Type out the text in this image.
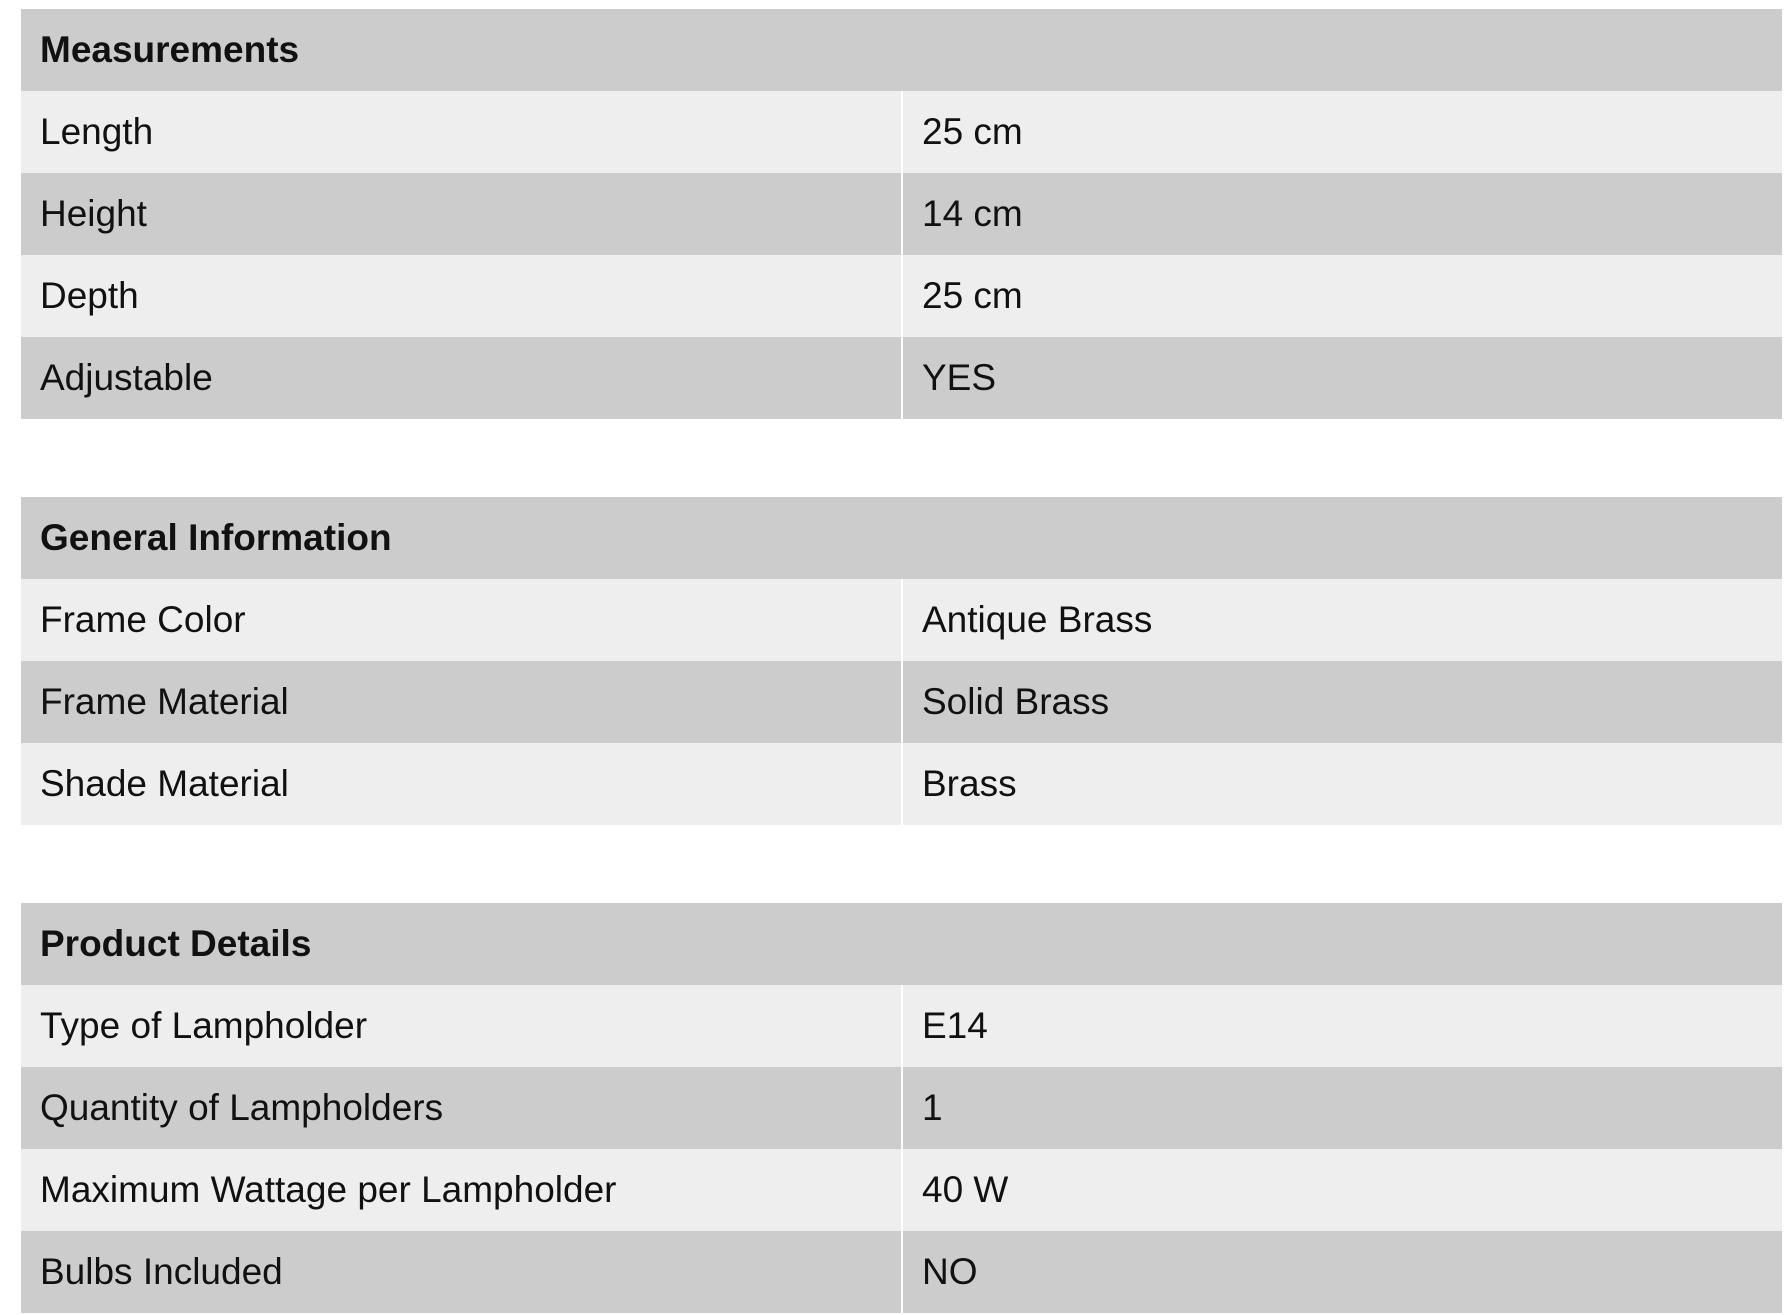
Measurements	
Length	25 cm
Height	14 cm
Depth	25 cm
Adjustable	YES
General Information	
Frame Color	Antique Brass
Frame Material	Solid Brass
Shade Material	Brass
Product Details	
Type of Lampholder	E14
Quantity of Lampholders	1
Maximum Wattage per Lampholder	40 W
Bulbs Included	NO
